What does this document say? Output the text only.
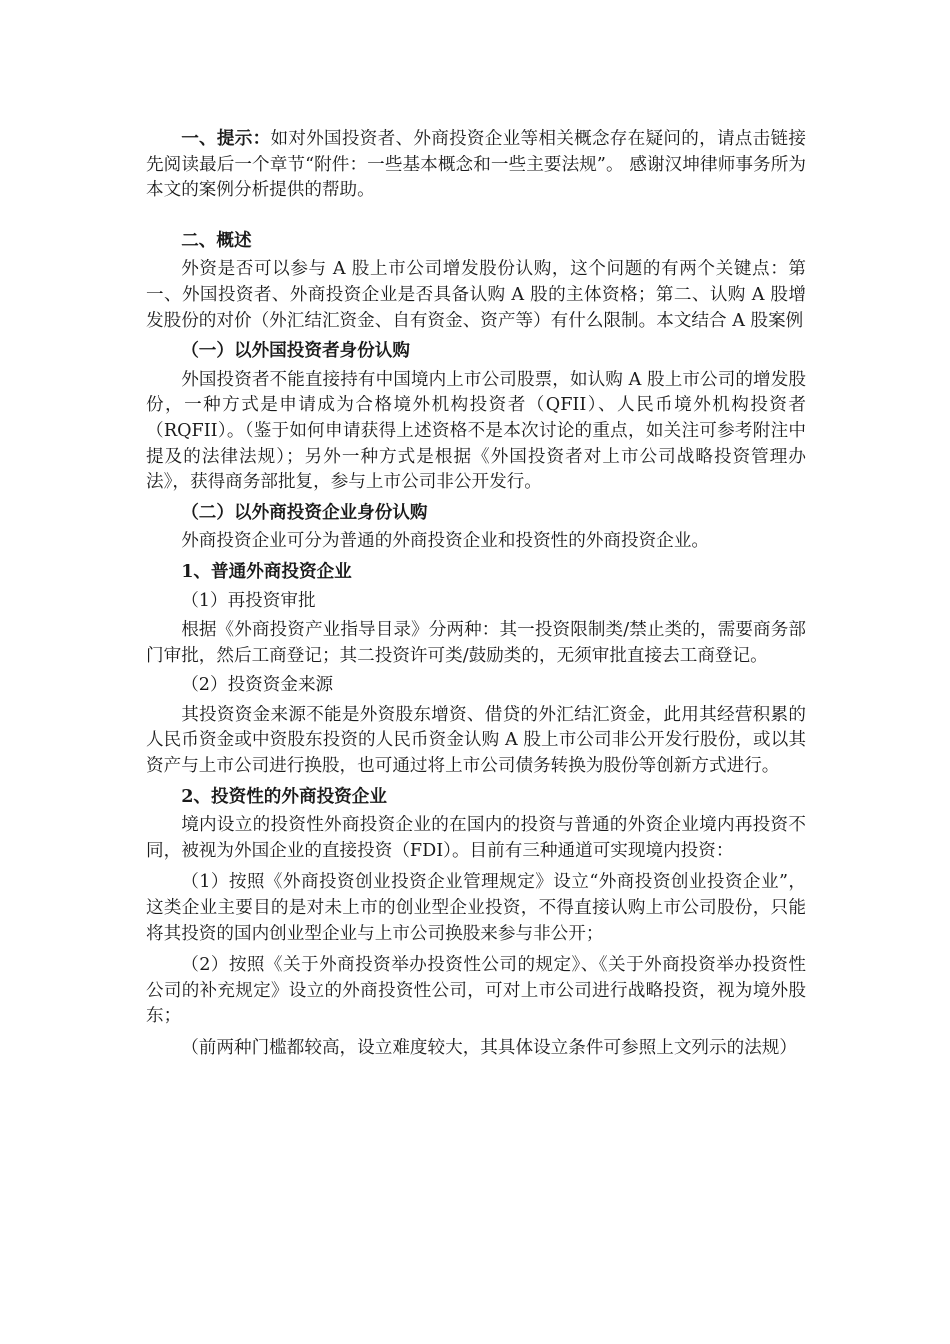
一、提示：如对外国投资者、外商投资企业等相关概念存在疑问的，请点击链接先阅读最后一个章节“附件：一些基本概念和一些主要法规”。 感谢汉坤律师事务所为本文的案例分析提供的帮助。

二、概述

外资是否可以参与 A 股上市公司增发股份认购，这个问题的有两个关键点：第一、外国投资者、外商投资企业是否具备认购 A 股的主体资格；第二、认购 A 股增发股份的对价（外汇结汇资金、自有资金、资产等）有什么限制。本文结合 A 股案例

（一）以外国投资者身份认购

外国投资者不能直接持有中国境内上市公司股票，如认购 A 股上市公司的增发股份，一种方式是申请成为合格境外机构投资者（QFII）、人民币境外机构投资者（RQFII）。（鉴于如何申请获得上述资格不是本次讨论的重点，如关注可参考附注中提及的法律法规）；另外一种方式是根据《外国投资者对上市公司战略投资管理办法》，获得商务部批复，参与上市公司非公开发行。

（二）以外商投资企业身份认购

外商投资企业可分为普通的外商投资企业和投资性的外商投资企业。

1、普通外商投资企业

（1）再投资审批

根据《外商投资产业指导目录》分两种：其一投资限制类/禁止类的，需要商务部门审批，然后工商登记；其二投资许可类/鼓励类的，无须审批直接去工商登记。

（2）投资资金来源

其投资资金来源不能是外资股东增资、借贷的外汇结汇资金，此用其经营积累的人民币资金或中资股东投资的人民币资金认购 A 股上市公司非公开发行股份，或以其资产与上市公司进行换股，也可通过将上市公司债务转换为股份等创新方式进行。

2、投资性的外商投资企业

境内设立的投资性外商投资企业的在国内的投资与普通的外资企业境内再投资不同，被视为外国企业的直接投资（FDI）。目前有三种通道可实现境内投资：

（1）按照《外商投资创业投资企业管理规定》设立“外商投资创业投资企业”，这类企业主要目的是对未上市的创业型企业投资，不得直接认购上市公司股份，只能将其投资的国内创业型企业与上市公司换股来参与非公开；

（2）按照《关于外商投资举办投资性公司的规定》、《关于外商投资举办投资性公司的补充规定》设立的外商投资性公司，可对上市公司进行战略投资，视为境外股东；

（前两种门槛都较高，设立难度较大，其具体设立条件可参照上文列示的法规）
